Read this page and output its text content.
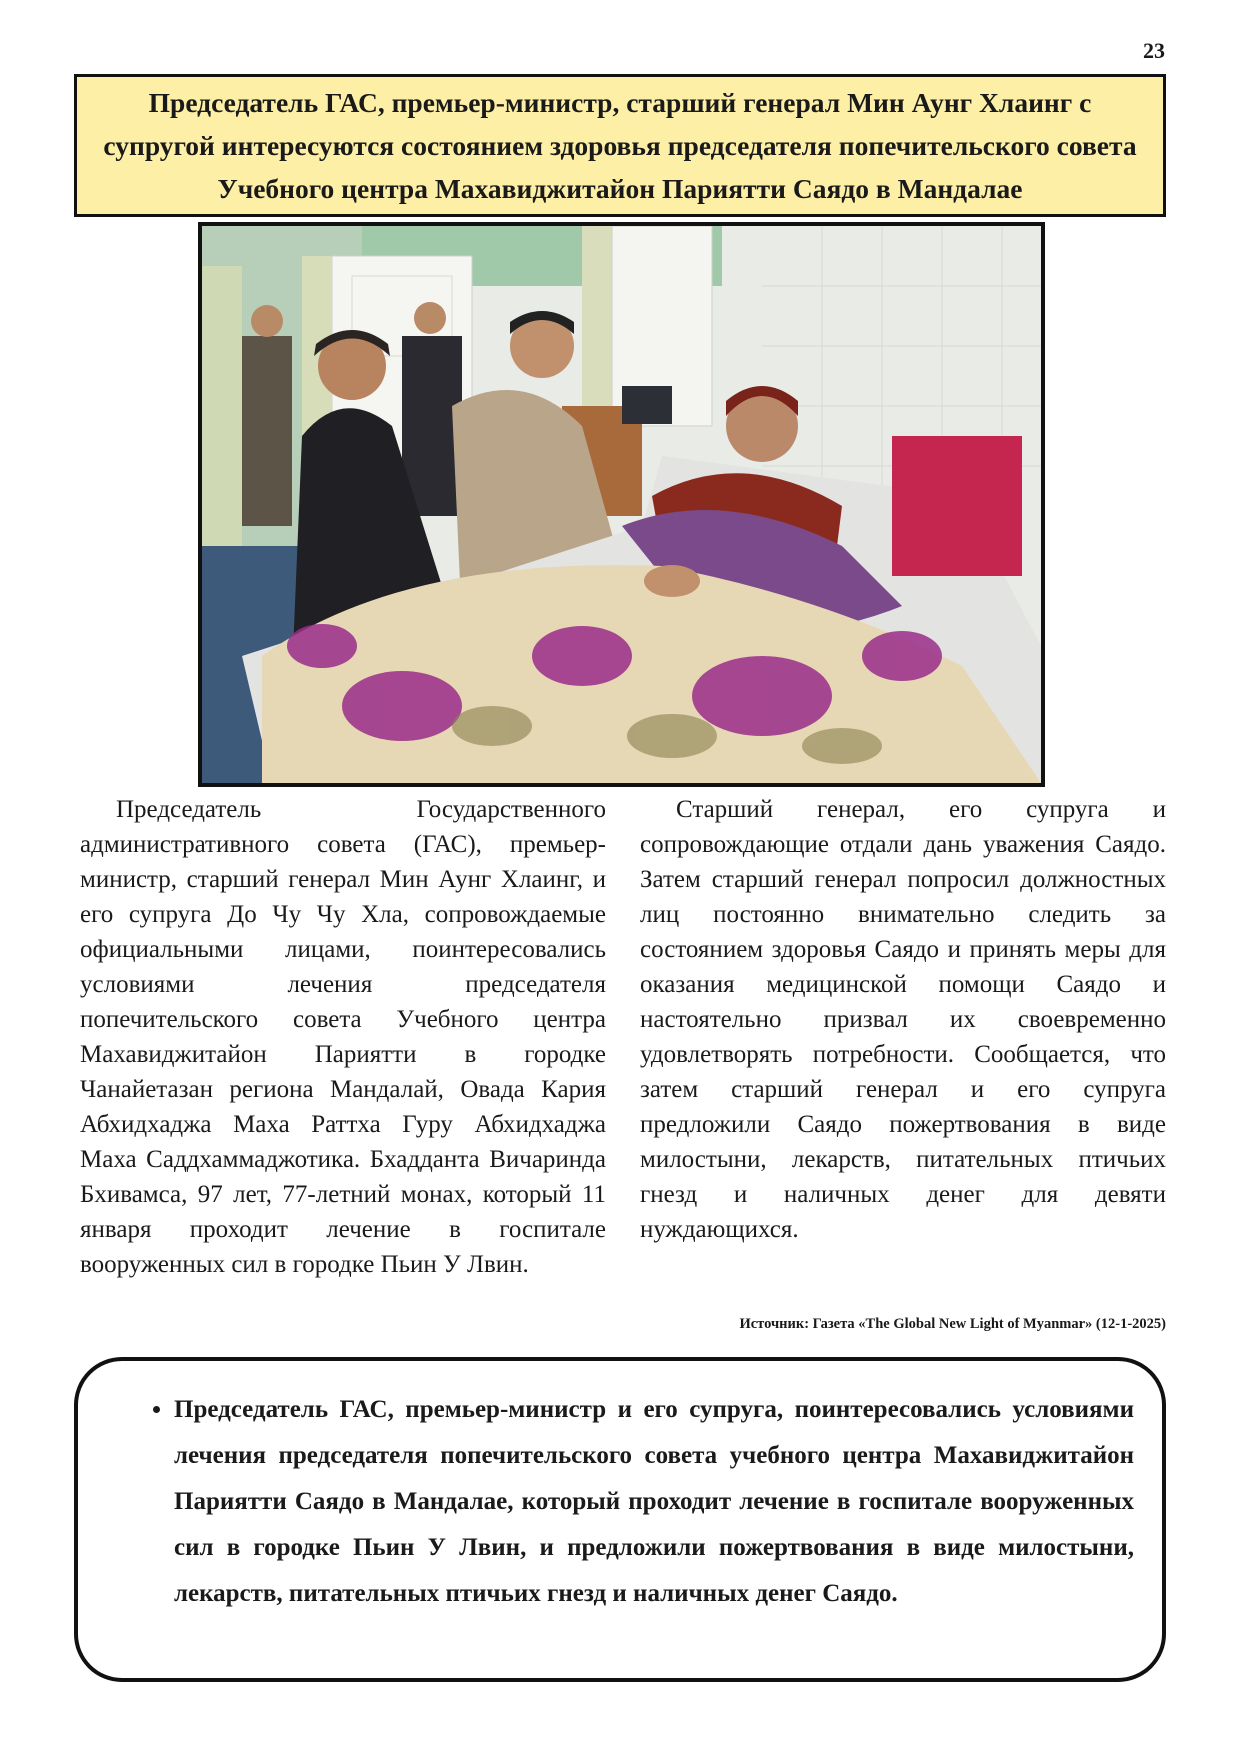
23
Председатель ГАС, премьер-министр, старший генерал Мин Аунг Хлаинг с супругой интересуются состоянием здоровья председателя попечительского совета Учебного центра Махавиджитайон Париятти Саядо в Мандалае

Председатель Государственного административного совета (ГАС), премьер-министр, старший генерал Мин Аунг Хлаинг, и его супруга До Чу Чу Хла, сопровождаемые официальными лицами, поинтересовались условиями лечения председателя попечительского совета Учебного центра Махавиджитайон Париятти в городке Чанайетазан региона Мандалай, Овада Кария Абхидхаджа Маха Раттха Гуру Абхидхаджа Маха Саддхаммаджотика. Бхадданта Вичаринда Бхивамса, 97 лет, 77-летний монах, который 11 января проходит лечение в госпитале вооруженных сил в городке Пьин У Лвин.

Старший генерал, его супруга и сопровождающие отдали дань уважения Саядо. Затем старший генерал попросил должностных лиц постоянно внимательно следить за состоянием здоровья Саядо и принять меры для оказания медицинской помощи Саядо и настоятельно призвал их своевременно удовлетворять потребности. Сообщается, что затем старший генерал и его супруга предложили Саядо пожертвования в виде милостыни, лекарств, питательных птичьих гнезд и наличных денег для девяти нуждающихся.

Источник: Газета «The Global New Light of Myanmar» (12-1-2025)
• Председатель ГАС, премьер-министр и его супруга, поинтересовались условиями лечения председателя попечительского совета учебного центра Махавиджитайон Париятти Саядо в Мандалае, который проходит лечение в госпитале вооруженных сил в городке Пьин У Лвин, и предложили пожертвования в виде милостыни, лекарств, питательных птичьих гнезд и наличных денег Саядо.
